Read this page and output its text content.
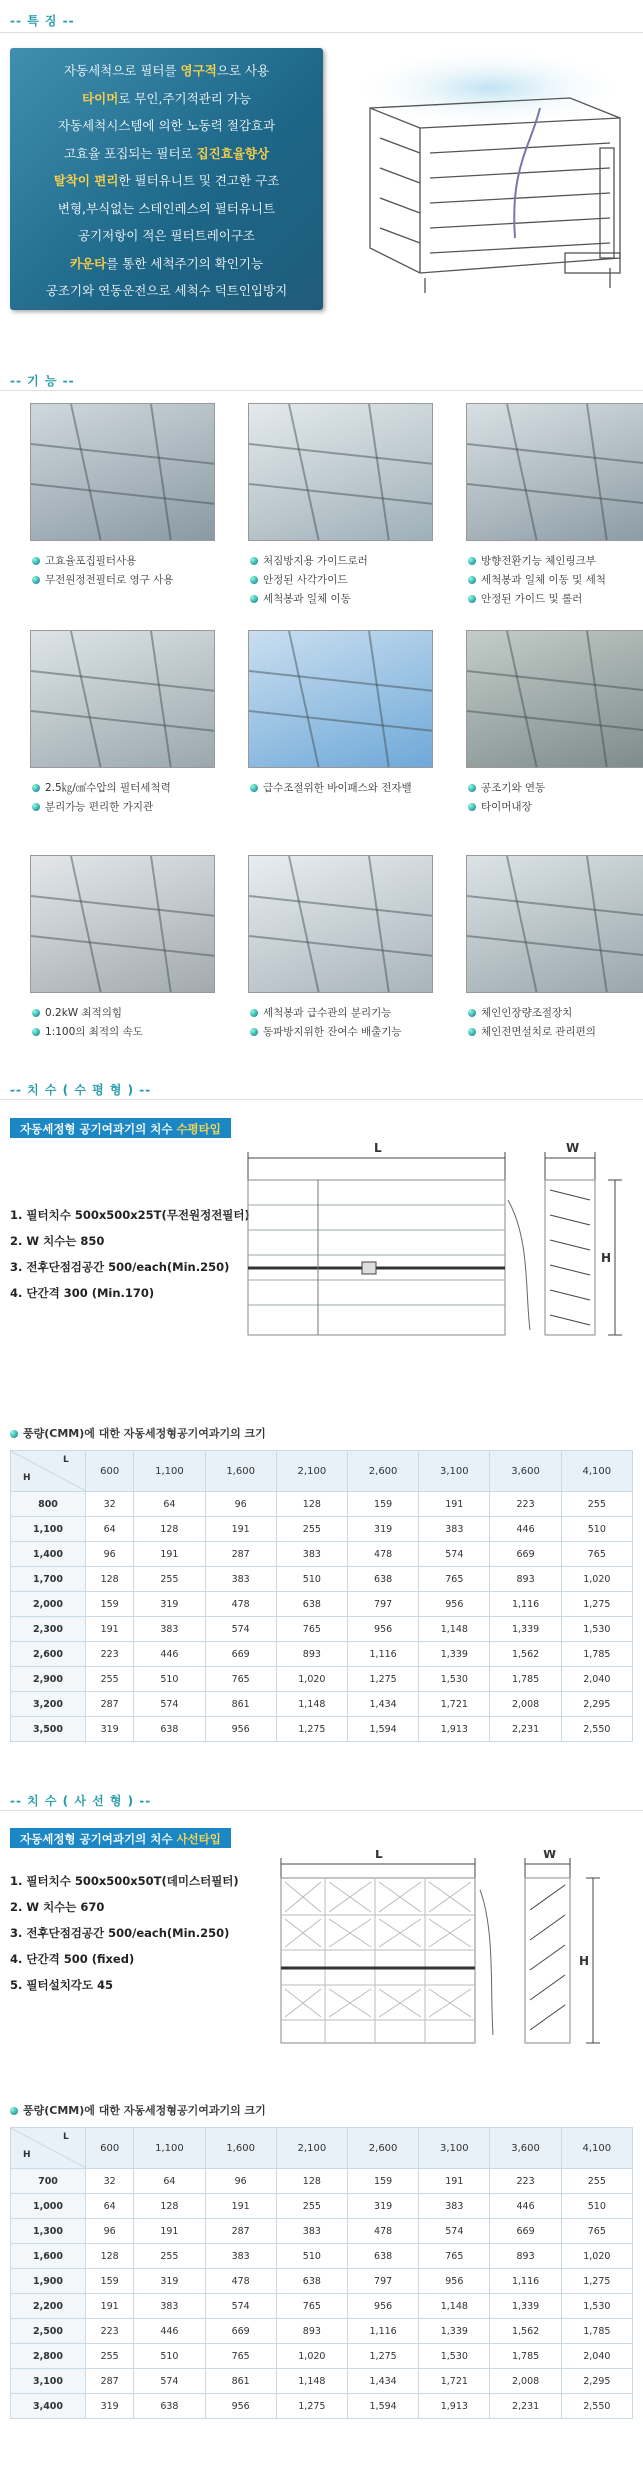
-- 특 징 --
자동세척으로 필터를 영구적으로 사용
타이머로 무인,주기적관리 가능
자동세척시스템에 의한 노동력 절감효과
고효율 포집되는 필터로 집진효율향상
탈착이 편리한 필터유니트 및 견고한 구조
변형,부식없는 스테인레스의 필터유니트
공기저항이 적은 필터트레이구조
카운타를 통한 세척주기의 확인기능
공조기와 연동운전으로 세척수 덕트인입방지
-- 기 능 --
고효율포집필터사용
무전원정전필터로 영구 사용
처짐방지용 가이드로러
안정된 사각가이드
세척봉과 일체 이동
방향전환기능 체인링크부
세척봉과 일체 이동 및 세척
안정된 가이드 및 롤러
2.5㎏/㎠수압의 필터세척력
분리가능 편리한 가지관
급수조절위한 바이패스와 전자밸	공조기와 연동
타이머내장
0.2kW 최적의힘
1:100의 최적의 속도
세척봉과 급수관의 분리기능
동파방지위한 잔여수 배출기능
체인인장량조절장치
체인전면설치로 관리편의
-- 치 수 ( 수 평 형 ) --
자동세정형 공기여과기의 치수 수평타입
1. 필터치수 500x500x25T(무전원정전필터)
2. W 치수는 850
3. 전후단점검공간 500/each(Min.250)
4. 단간격 300 (Min.170)
L	W
H
풍량(CMM)에 대한 자동세정형공기여과기의 크기
L
H	600	1,100	1,600	2,100	2,600	3,100	3,600	4,100
800	32	64	96	128	159	191	223	255
1,100	64	128	191	255	319	383	446	510
1,400	96	191	287	383	478	574	669	765
1,700	128	255	383	510	638	765	893	1,020
2,000	159	319	478	638	797	956	1,116	1,275
2,300	191	383	574	765	956	1,148	1,339	1,530
2,600	223	446	669	893	1,116	1,339	1,562	1,785
2,900	255	510	765	1,020	1,275	1,530	1,785	2,040
3,200	287	574	861	1,148	1,434	1,721	2,008	2,295
3,500	319	638	956	1,275	1,594	1,913	2,231	2,550
-- 치 수 ( 사 선 형 ) --
자동세정형 공기여과기의 치수 사선타입
1. 필터치수 500x500x50T(데미스터필터)
2. W 치수는 670
3. 전후단점검공간 500/each(Min.250)
4. 단간격 500 (fixed)
5. 필터설치각도 45
L	W
H
풍량(CMM)에 대한 자동세정형공기여과기의 크기
L
H	600	1,100	1,600	2,100	2,600	3,100	3,600	4,100
700	32	64	96	128	159	191	223	255
1,000	64	128	191	255	319	383	446	510
1,300	96	191	287	383	478	574	669	765
1,600	128	255	383	510	638	765	893	1,020
1,900	159	319	478	638	797	956	1,116	1,275
2,200	191	383	574	765	956	1,148	1,339	1,530
2,500	223	446	669	893	1,116	1,339	1,562	1,785
2,800	255	510	765	1,020	1,275	1,530	1,785	2,040
3,100	287	574	861	1,148	1,434	1,721	2,008	2,295
3,400	319	638	956	1,275	1,594	1,913	2,231	2,550
